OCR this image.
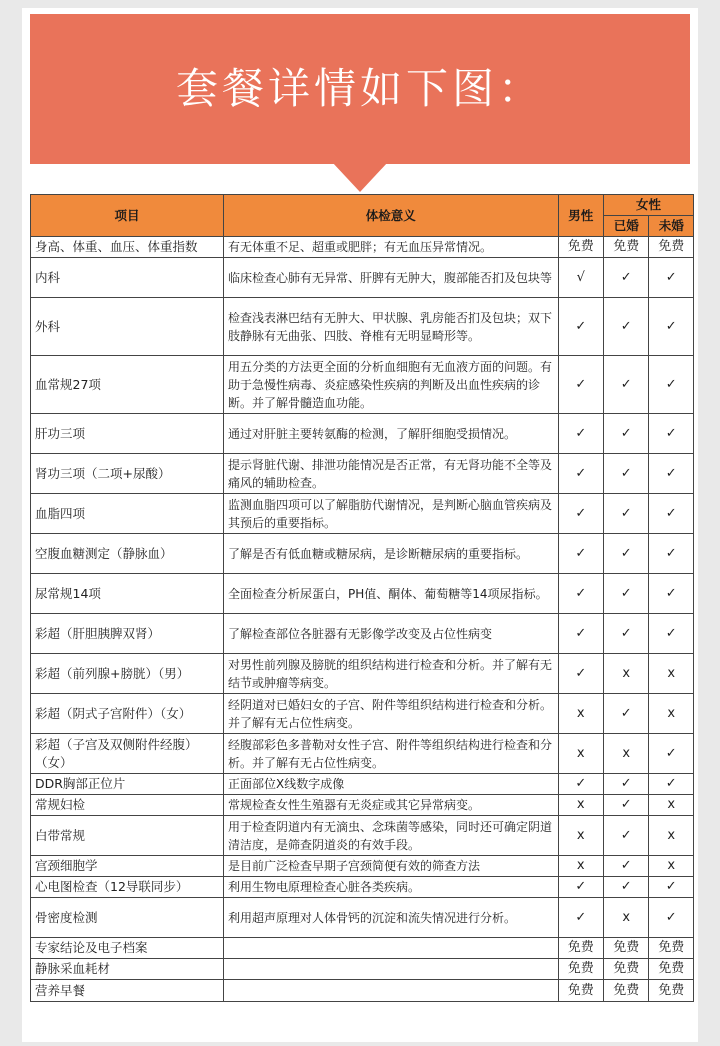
套餐详情如下图：
项目	体检意义	男性	女性	
			已婚	未婚
身高、体重、血压、体重指数	有无体重不足、超重或肥胖；有无血压异常情况。	免费	免费	免费
内科	临床检查心肺有无异常、肝脾有无肿大，腹部能否扪及包块等	√	✓	✓
外科	检查浅表淋巴结有无肿大、甲状腺、乳房能否扪及包块；双下肢静脉有无曲张、四肢、脊椎有无明显畸形等。	✓	✓	✓
血常规27项	用五分类的方法更全面的分析血细胞有无血液方面的问题。有助于急慢性病毒、炎症感染性疾病的判断及出血性疾病的诊断。并了解骨髓造血功能。	✓	✓	✓
肝功三项	通过对肝脏主要转氨酶的检测，了解肝细胞受损情况。	✓	✓	✓
肾功三项（二项+尿酸）	提示肾脏代谢、排泄功能情况是否正常，有无肾功能不全等及痛风的辅助检查。	✓	✓	✓
血脂四项	监测血脂四项可以了解脂肪代谢情况，是判断心脑血管疾病及其预后的重要指标。	✓	✓	✓
空腹血糖测定（静脉血）	了解是否有低血糖或糖尿病，是诊断糖尿病的重要指标。	✓	✓	✓
尿常规14项	全面检查分析尿蛋白，PH值、酮体、葡萄糖等14项尿指标。	✓	✓	✓
彩超（肝胆胰脾双肾）	了解检查部位各脏器有无影像学改变及占位性病变	✓	✓	✓
彩超（前列腺+膀胱）（男）	对男性前列腺及膀胱的组织结构进行检查和分析。并了解有无结节或肿瘤等病变。	✓	x	x
彩超（阴式子宫附件）（女）	经阴道对已婚妇女的子宫、附件等组织结构进行检查和分析。并了解有无占位性病变。	x	✓	x
彩超（子宫及双侧附件经腹）（女）	经腹部彩色多普勒对女性子宫、附件等组织结构进行检查和分析。并了解有无占位性病变。	x	x	✓
DDR胸部正位片	正面部位X线数字成像	✓	✓	✓
常规妇检	常规检查女性生殖器有无炎症或其它异常病变。	x	✓	x
白带常规	用于检查阴道内有无滴虫、念珠菌等感染，同时还可确定阴道清洁度，是筛查阴道炎的有效手段。	x	✓	x
宫颈细胞学	是目前广泛检查早期子宫颈简便有效的筛查方法	x	✓	x
心电图检查（12导联同步）	利用生物电原理检查心脏各类疾病。	✓	✓	✓
骨密度检测	利用超声原理对人体骨钙的沉淀和流失情况进行分析。	✓	x	✓
专家结论及电子档案		免费	免费	免费
静脉采血耗材		免费	免费	免费
营养早餐		免费	免费	免费
